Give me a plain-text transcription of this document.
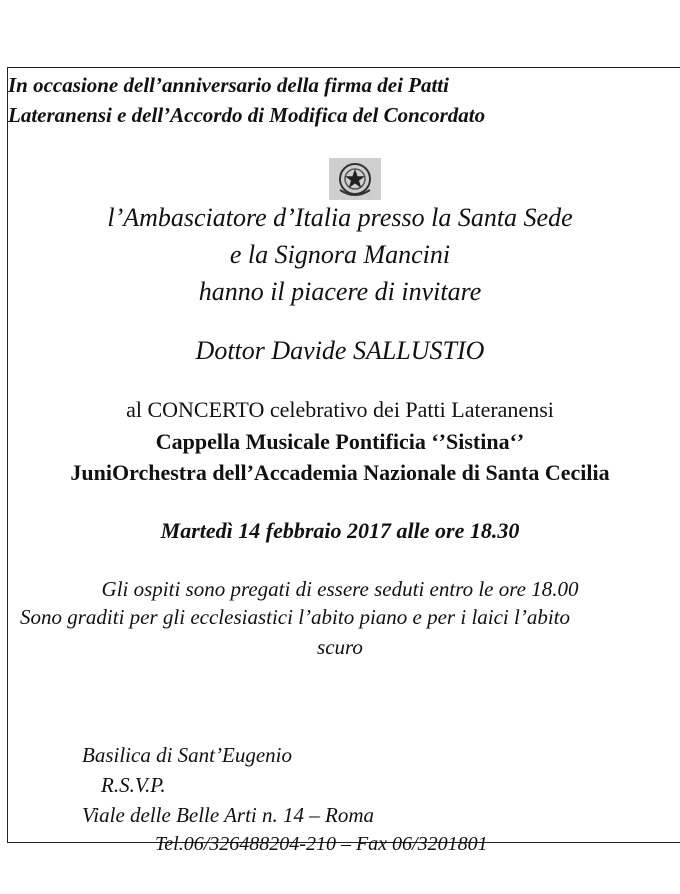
In occasione dell’anniversario della firma dei Patti
Lateranensi e dell’Accordo di Modifica del Concordato
l’Ambasciatore d’Italia presso la Santa Sede
e la Signora Mancini
hanno il piacere di invitare
Dottor Davide SALLUSTIO
al CONCERTO celebrativo dei Patti Lateranensi
Cappella Musicale Pontificia ‘’Sistina‘’
JuniOrchestra dell’Accademia Nazionale di Santa Cecilia
Martedì 14 febbraio 2017 alle ore 18.30
Gli ospiti sono pregati di essere seduti entro le ore 18.00
Sono graditi per gli ecclesiastici l’abito piano e per i laici l’abito
scuro
Basilica di Sant’Eugenio
R.S.V.P.
Viale delle Belle Arti n. 14 – Roma
Tel.06/326488204-210 – Fax 06/3201801
